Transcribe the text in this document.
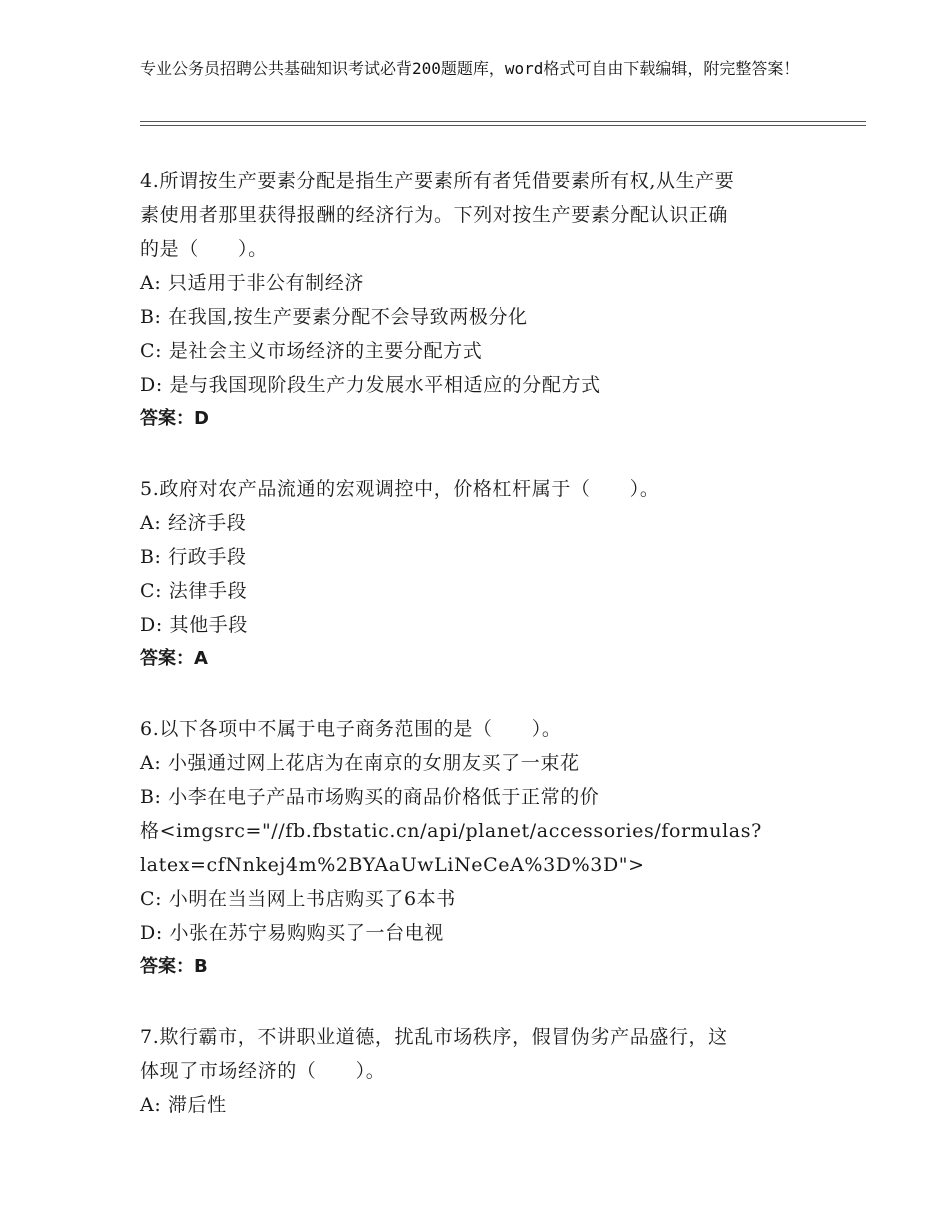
专业公务员招聘公共基础知识考试必背200题题库，word格式可自由下载编辑，附完整答案！
4.所谓按生产要素分配是指生产要素所有者凭借要素所有权,从生产要
素使用者那里获得报酬的经济行为。下列对按生产要素分配认识正确
的是（　　）。
A: 只适用于非公有制经济
B: 在我国,按生产要素分配不会导致两极分化
C: 是社会主义市场经济的主要分配方式
D: 是与我国现阶段生产力发展水平相适应的分配方式
答案：D
5.政府对农产品流通的宏观调控中，价格杠杆属于（　　）。
A: 经济手段
B: 行政手段
C: 法律手段
D: 其他手段
答案：A
6.以下各项中不属于电子商务范围的是（　　）。
A: 小强通过网上花店为在南京的女朋友买了一束花
B: 小李在电子产品市场购买的商品价格低于正常的价
格<imgsrc="//fb.fbstatic.cn/api/planet/accessories/formulas?
latex=cfNnkej4m%2BYAaUwLiNeCeA%3D%3D">
C: 小明在当当网上书店购买了6本书
D: 小张在苏宁易购购买了一台电视
答案：B
7.欺行霸市，不讲职业道德，扰乱市场秩序，假冒伪劣产品盛行，这
体现了市场经济的（　　）。
A: 滞后性
